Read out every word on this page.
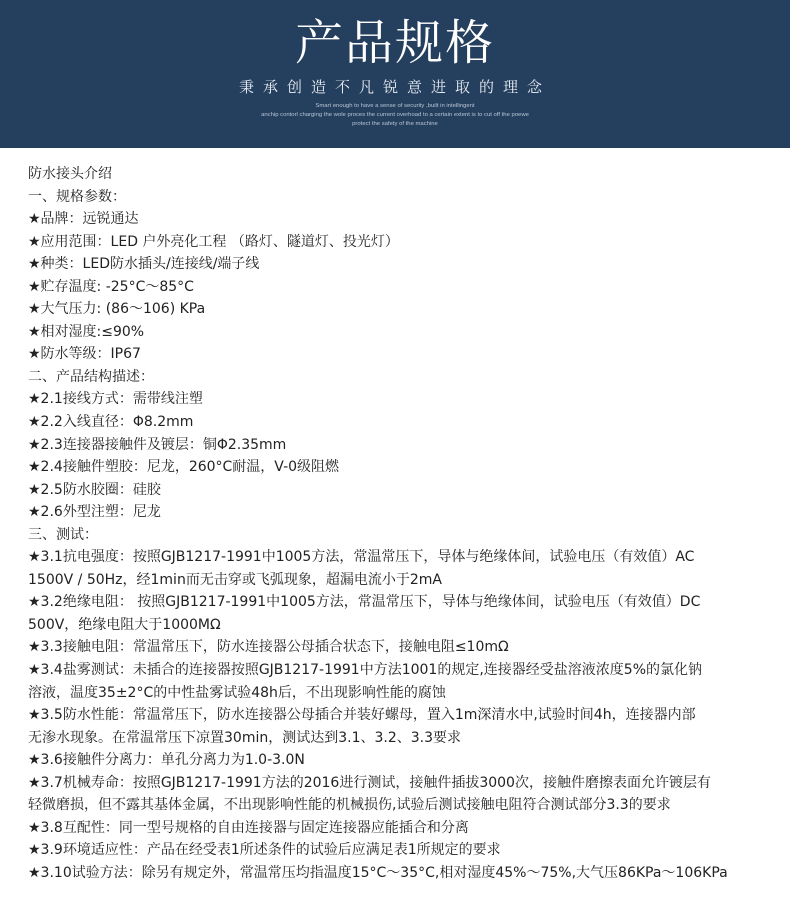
产品规格
秉承创造不凡锐意进取的理念
Smart enough to have a sense of security ,built in intellingent
anchip contorl charging the wole proces the current overhoad to a certain extent is to cut off the poewe
protect the safety of the machine
防水接头介绍
一、规格参数：
★品牌：远锐通达
★应用范围：LED 户外亮化工程 （路灯、隧道灯、投光灯）
★种类：LED防水插头/连接线/端子线
★贮存温度: -25°C～85°C
★大气压力: (86～106) KPa
★相对湿度:≤90%
★防水等级：IP67
二、产品结构描述：
★2.1接线方式：需带线注塑
★2.2入线直径：Φ8.2mm
★2.3连接器接触件及镀层：铜Φ2.35mm
★2.4接触件塑胶：尼龙，260°C耐温，V-0级阻燃
★2.5防水胶圈：硅胶
★2.6外型注塑：尼龙
三、测试：
★3.1抗电强度：按照GJB1217-1991中1005方法，常温常压下，导体与绝缘体间，试验电压（有效值）AC
1500V / 50Hz，经1min而无击穿或飞弧现象，超漏电流小于2mA
★3.2绝缘电阻： 按照GJB1217-1991中1005方法，常温常压下，导体与绝缘体间，试验电压（有效值）DC
500V，绝缘电阻大于1000MΩ
★3.3接触电阻：常温常压下，防水连接器公母插合状态下，接触电阻≤10mΩ
★3.4盐雾测试：未插合的连接器按照GJB1217-1991中方法1001的规定,连接器经受盐溶液浓度5%的氯化钠
溶液，温度35±2°C的中性盐雾试验48h后，不出现影响性能的腐蚀
★3.5防水性能：常温常压下，防水连接器公母插合并装好螺母，置入1m深清水中,试验时间4h，连接器内部
无渗水现象。在常温常压下凉置30min，测试达到3.1、3.2、3.3要求
★3.6接触件分离力：单孔分离力为1.0-3.0N
★3.7机械寿命：按照GJB1217-1991方法的2016进行测试，接触件插拔3000次，接触件磨擦表面允许镀层有
轻微磨损，但不露其基体金属，不出现影响性能的机械损伤,试验后测试接触电阻符合测试部分3.3的要求
★3.8互配性：同一型号规格的自由连接器与固定连接器应能插合和分离
★3.9环境适应性：产品在经受表1所述条件的试验后应满足表1所规定的要求
★3.10试验方法：除另有规定外，常温常压均指温度15°C～35°C,相对湿度45%～75%,大气压86KPa～106KPa
